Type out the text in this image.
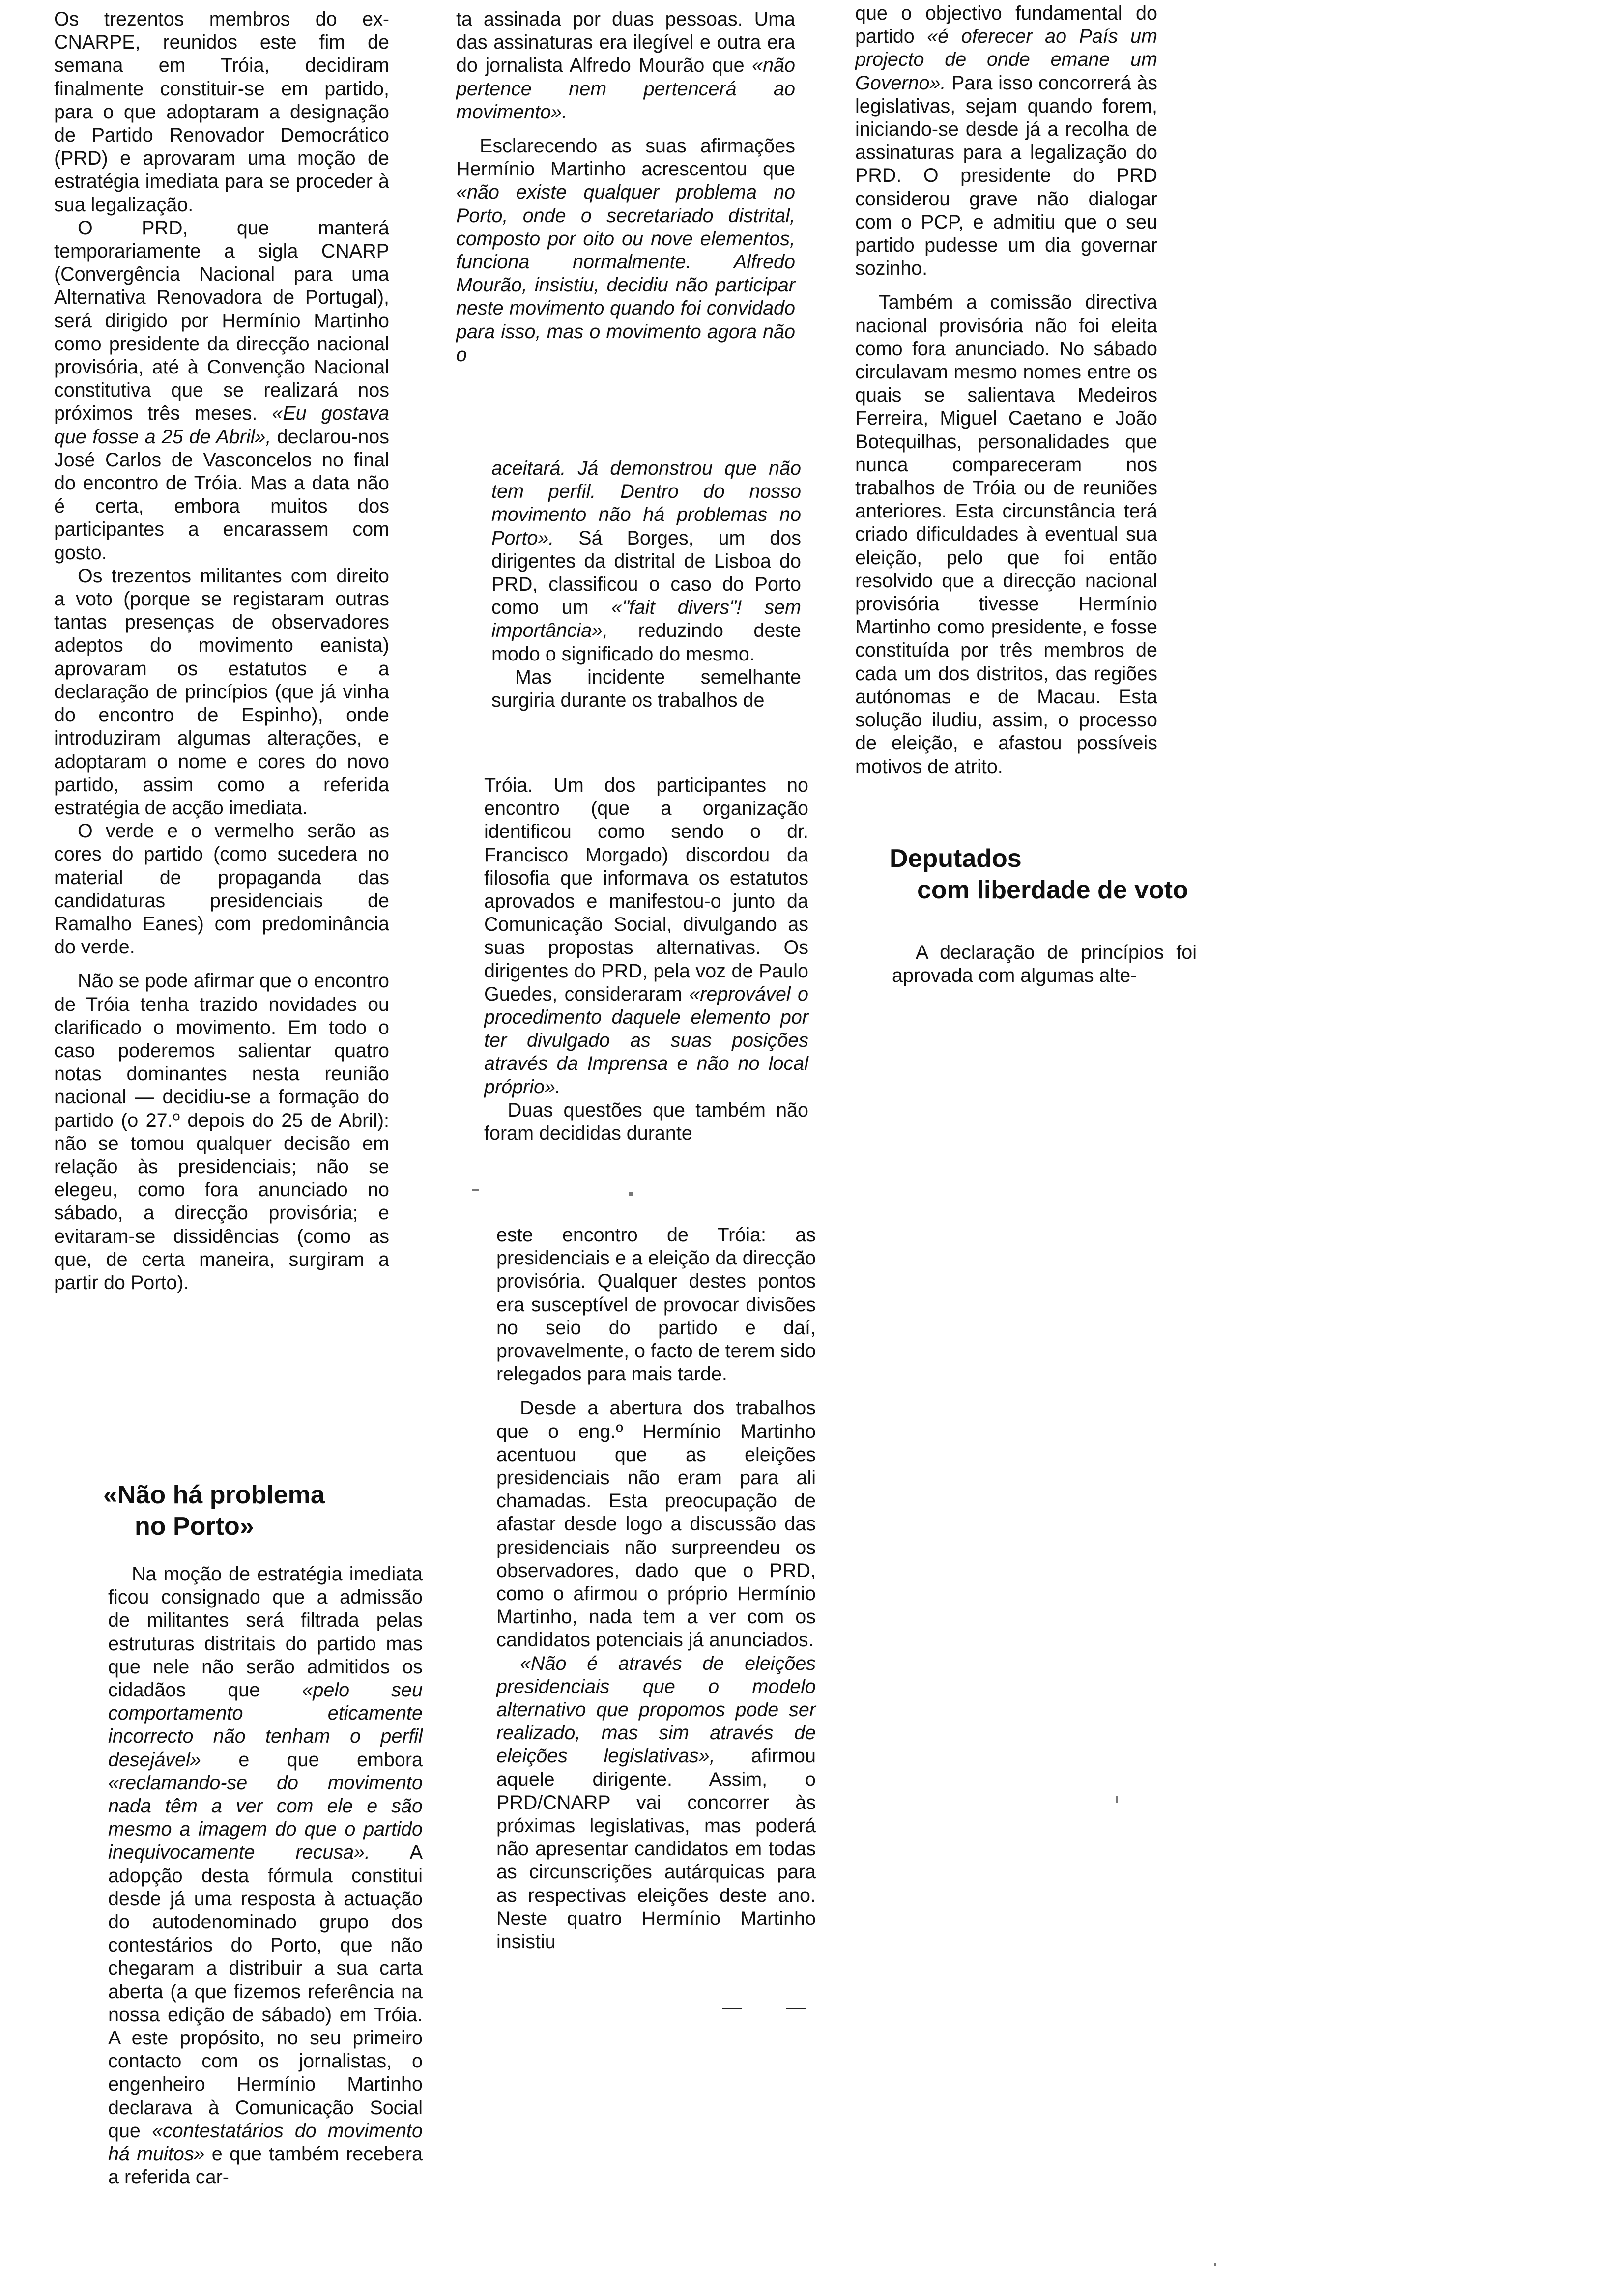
Os trezentos membros do ex-CNARPE, reunidos este fim de semana em Tróia, decidiram finalmente constituir-se em partido, para o que adoptaram a designação de Partido Renovador Democrático (PRD) e aprovaram uma moção de estratégia imediata para se proceder à sua legalização.

O PRD, que manterá temporariamente a sigla CNARP (Convergência Nacional para uma Alternativa Renovadora de Portugal), será dirigido por Hermínio Martinho como presidente da direcção nacional provisória, até à Convenção Nacional constitutiva que se realizará nos próximos três meses. «Eu gostava que fosse a 25 de Abril», declarou-nos José Carlos de Vasconcelos no final do encontro de Tróia. Mas a data não é certa, embora muitos dos participantes a encarassem com gosto.

Os trezentos militantes com direito a voto (porque se registaram outras tantas presenças de observadores adeptos do movimento eanista) aprovaram os estatutos e a declaração de princípios (que já vinha do encontro de Espinho), onde introduziram algumas alterações, e adoptaram o nome e cores do novo partido, assim como a referida estratégia de acção imediata.

O verde e o vermelho serão as cores do partido (como sucedera no material de propaganda das candidaturas presidenciais de Ramalho Eanes) com predominância do verde.

Não se pode afirmar que o encontro de Tróia tenha trazido novidades ou clarificado o movimento. Em todo o caso poderemos salientar quatro notas dominantes nesta reunião nacional — decidiu-se a formação do partido (o 27.º depois do 25 de Abril): não se tomou qualquer decisão em relação às presidenciais; não se elegeu, como fora anunciado no sábado, a direcção provisória; e evitaram-se dissidências (como as que, de certa maneira, surgiram a partir do Porto).

«Não há problema
no Porto»

Na moção de estratégia imediata ficou consignado que a admissão de militantes será filtrada pelas estruturas distritais do partido mas que nele não serão admitidos os cidadãos que «pelo seu comportamento eticamente incorrecto não tenham o perfil desejável» e que embora «reclamando-se do movimento nada têm a ver com ele e são mesmo a imagem do que o partido inequivocamente recusa». A adopção desta fórmula constitui desde já uma resposta à actuação do autodenominado grupo dos contestários do Porto, que não chegaram a distribuir a sua carta aberta (a que fizemos referência na nossa edição de sábado) em Tróia. A este propósito, no seu primeiro contacto com os jornalistas, o engenheiro Hermínio Martinho declarava à Comunicação Social que «contestatários do movimento há muitos» e que também recebera a referida car-

ta assinada por duas pessoas. Uma das assinaturas era ilegível e outra era do jornalista Alfredo Mourão que «não pertence nem pertencerá ao movimento».

Esclarecendo as suas afirmações Hermínio Martinho acrescentou que «não existe qualquer problema no Porto, onde o secretariado distrital, composto por oito ou nove elementos, funciona normalmente. Alfredo Mourão, insistiu, decidiu não participar neste movimento quando foi convidado para isso, mas o movimento agora não o

aceitará. Já demonstrou que não tem perfil. Dentro do nosso movimento não há problemas no Porto». Sá Borges, um dos dirigentes da distrital de Lisboa do PRD, classificou o caso do Porto como um «"fait divers"! sem importância», reduzindo deste modo o significado do mesmo.

Mas incidente semelhante surgiria durante os trabalhos de

Tróia. Um dos participantes no encontro (que a organização identificou como sendo o dr. Francisco Morgado) discordou da filosofia que informava os estatutos aprovados e manifestou-o junto da Comunicação Social, divulgando as suas propostas alternativas. Os dirigentes do PRD, pela voz de Paulo Guedes, consideraram «reprovável o procedimento daquele elemento por ter divulgado as suas posições através da Imprensa e não no local próprio».

Duas questões que também não foram decididas durante

este encontro de Tróia: as presidenciais e a eleição da direcção provisória. Qualquer destes pontos era susceptível de provocar divisões no seio do partido e daí, provavelmente, o facto de terem sido relegados para mais tarde.

Desde a abertura dos trabalhos que o eng.º Hermínio Martinho acentuou que as eleições presidenciais não eram para ali chamadas. Esta preocupação de afastar desde logo a discussão das presidenciais não surpreendeu os observadores, dado que o PRD, como o afirmou o próprio Hermínio Martinho, nada tem a ver com os candidatos potenciais já anunciados.

«Não é através de eleições presidenciais que o modelo alternativo que propomos pode ser realizado, mas sim através de eleições legislativas», afirmou aquele dirigente. Assim, o PRD/CNARP vai concorrer às próximas legislativas, mas poderá não apresentar candidatos em todas as circunscrições autárquicas para as respectivas eleições deste ano. Neste quatro Hermínio Martinho insistiu

que o objectivo fundamental do partido «é oferecer ao País um projecto de onde emane um Governo». Para isso concorrerá às legislativas, sejam quando forem, iniciando-se desde já a recolha de assinaturas para a legalização do PRD. O presidente do PRD considerou grave não dialogar com o PCP, e admitiu que o seu partido pudesse um dia governar sozinho.

Também a comissão directiva nacional provisória não foi eleita como fora anunciado. No sábado circulavam mesmo nomes entre os quais se salientava Medeiros Ferreira, Miguel Caetano e João Botequilhas, personalidades que nunca compareceram nos trabalhos de Tróia ou de reuniões anteriores. Esta circunstância terá criado dificuldades à eventual sua eleição, pelo que foi então resolvido que a direcção nacional provisória tivesse Hermínio Martinho como presidente, e fosse constituída por três membros de cada um dos distritos, das regiões autónomas e de Macau. Esta solução iludiu, assim, o processo de eleição, e afastou possíveis motivos de atrito.

Deputados
com liberdade de voto

A declaração de princípios foi aprovada com algumas alte-
